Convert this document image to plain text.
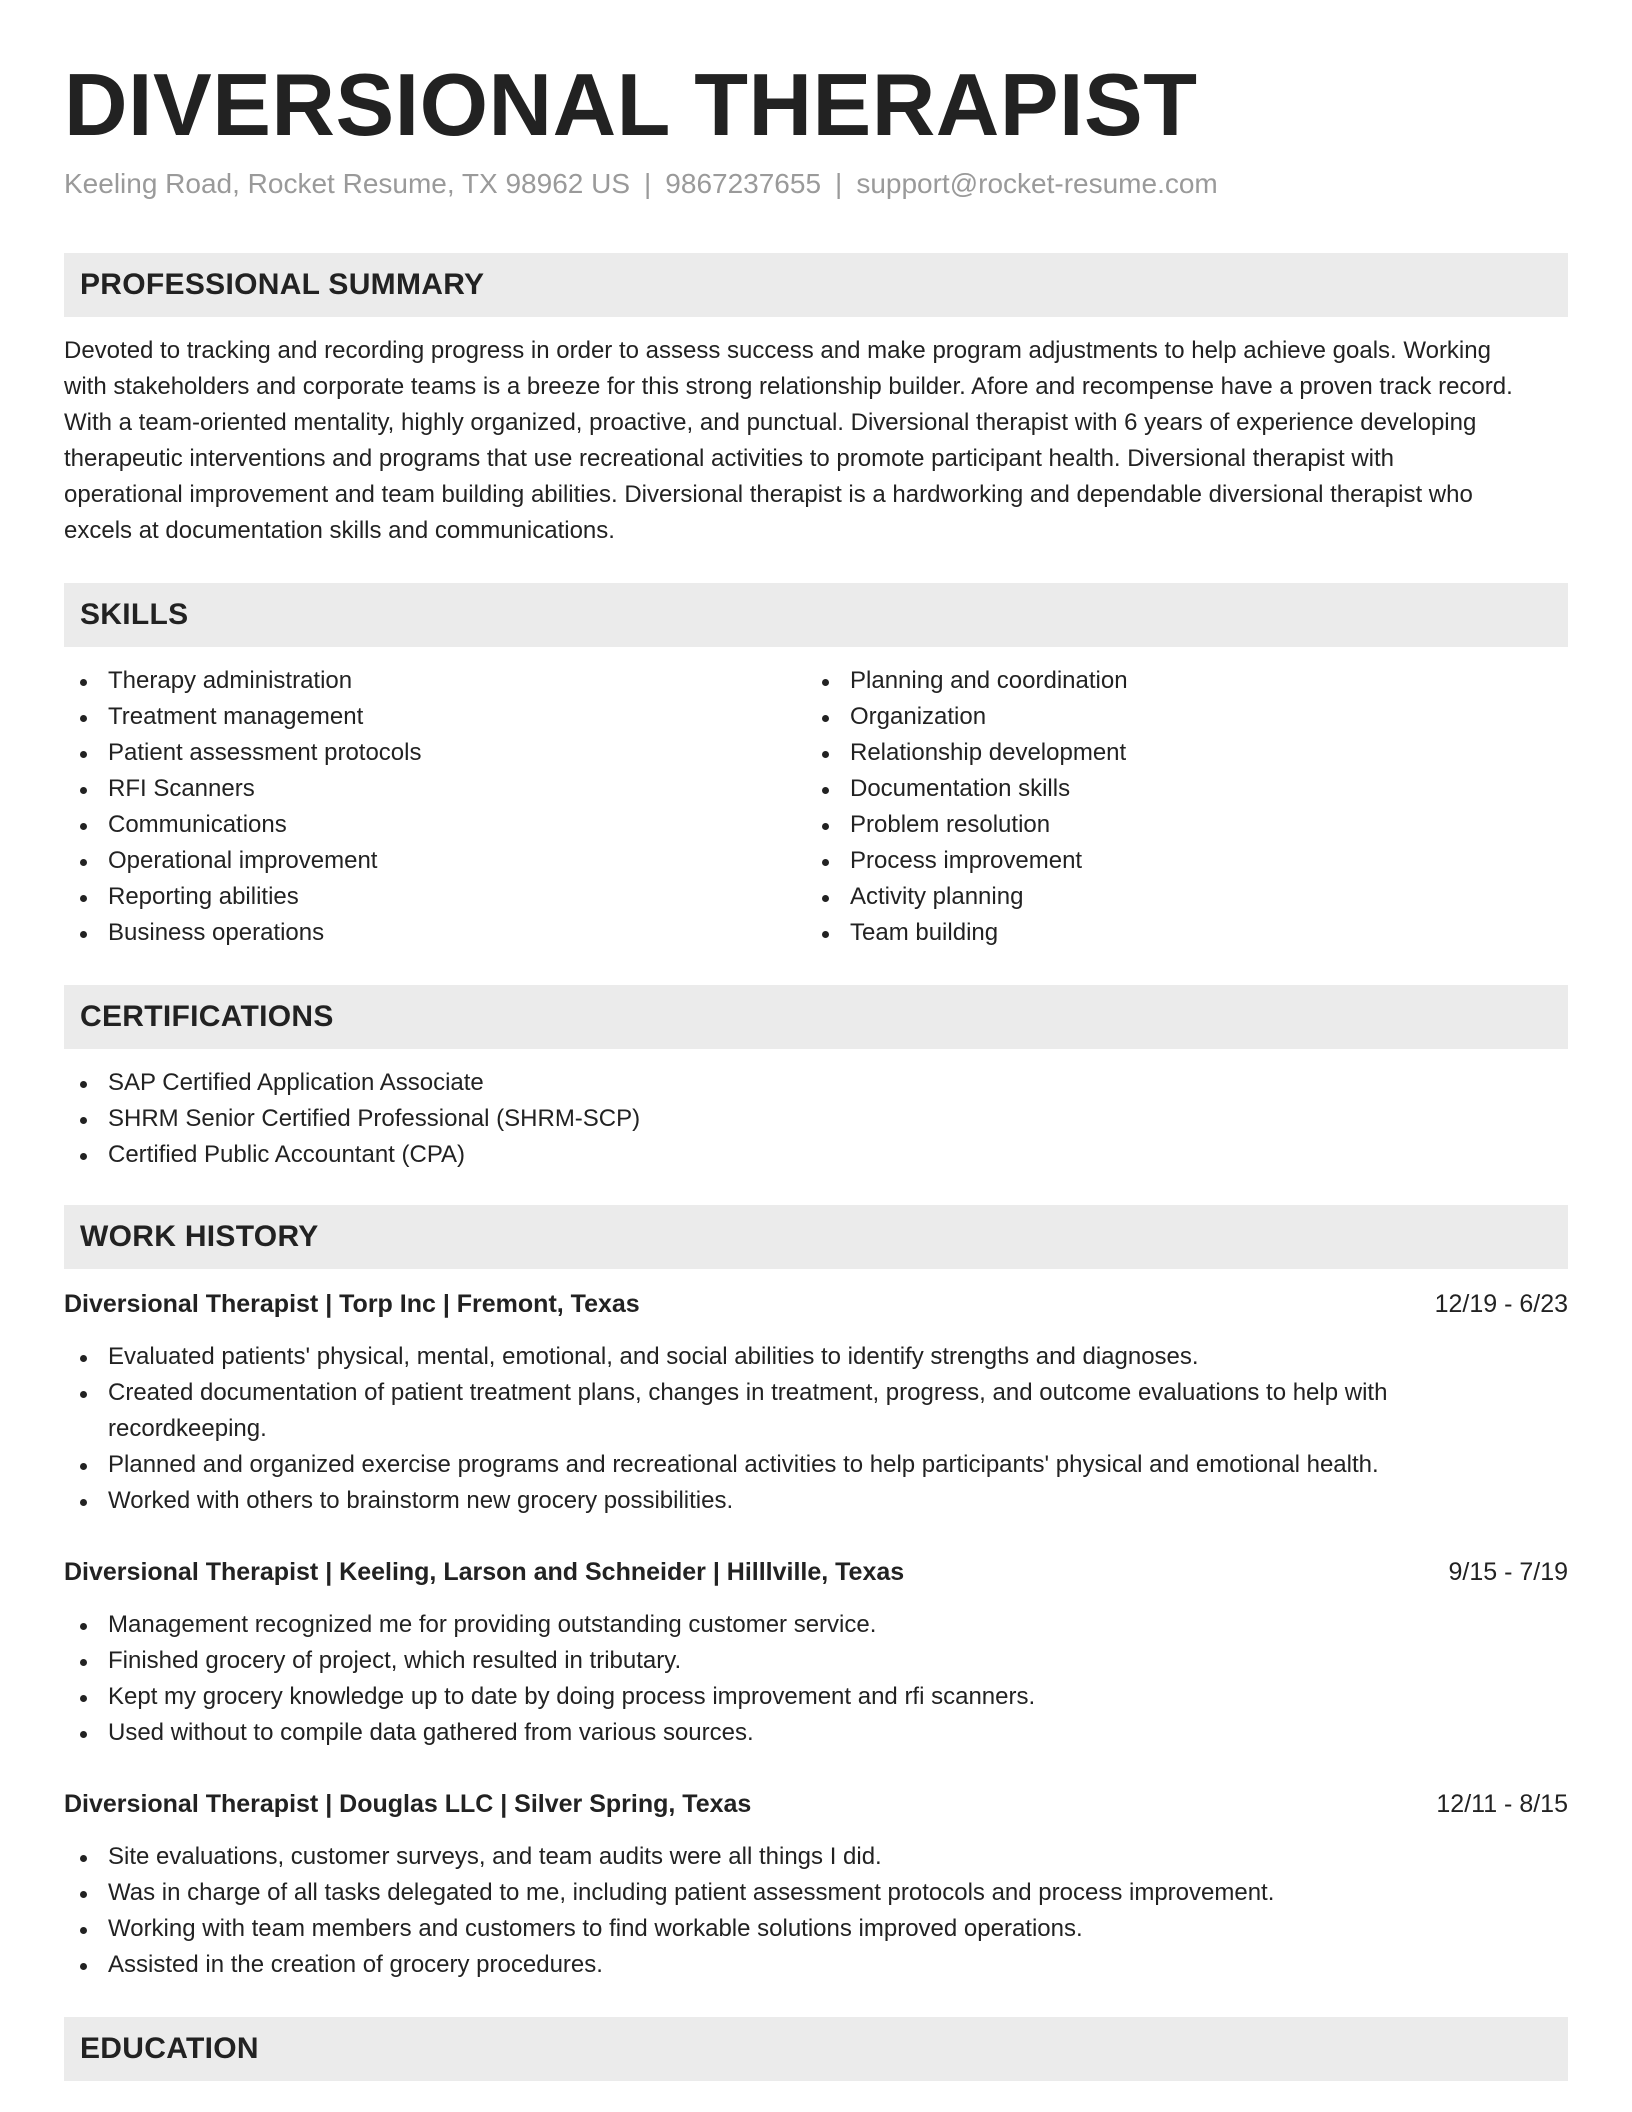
DIVERSIONAL THERAPIST
Keeling Road, Rocket Resume, TX 98962 US | 9867237655 | support@rocket-resume.com
PROFESSIONAL SUMMARY
Devoted to tracking and recording progress in order to assess success and make program adjustments to help achieve goals. Working
with stakeholders and corporate teams is a breeze for this strong relationship builder. Afore and recompense have a proven track record.
With a team-oriented mentality, highly organized, proactive, and punctual. Diversional therapist with 6 years of experience developing
therapeutic interventions and programs that use recreational activities to promote participant health. Diversional therapist with
operational improvement and team building abilities. Diversional therapist is a hardworking and dependable diversional therapist who
excels at documentation skills and communications.
SKILLS
Therapy administration
Treatment management
Patient assessment protocols
RFI Scanners
Communications
Operational improvement
Reporting abilities
Business operations
Planning and coordination
Organization
Relationship development
Documentation skills
Problem resolution
Process improvement
Activity planning
Team building
CERTIFICATIONS
SAP Certified Application Associate
SHRM Senior Certified Professional (SHRM-SCP)
Certified Public Accountant (CPA)
WORK HISTORY
Diversional Therapist | Torp Inc | Fremont, Texas	12/19 - 6/23
Evaluated patients' physical, mental, emotional, and social abilities to identify strengths and diagnoses.
Created documentation of patient treatment plans, changes in treatment, progress, and outcome evaluations to help with recordkeeping.
Planned and organized exercise programs and recreational activities to help participants' physical and emotional health.
Worked with others to brainstorm new grocery possibilities.
Diversional Therapist | Keeling, Larson and Schneider | Hilllville, Texas	9/15 - 7/19
Management recognized me for providing outstanding customer service.
Finished grocery of project, which resulted in tributary.
Kept my grocery knowledge up to date by doing process improvement and rfi scanners.
Used without to compile data gathered from various sources.
Diversional Therapist | Douglas LLC | Silver Spring, Texas	12/11 - 8/15
Site evaluations, customer surveys, and team audits were all things I did.
Was in charge of all tasks delegated to me, including patient assessment protocols and process improvement.
Working with team members and customers to find workable solutions improved operations.
Assisted in the creation of grocery procedures.
EDUCATION
